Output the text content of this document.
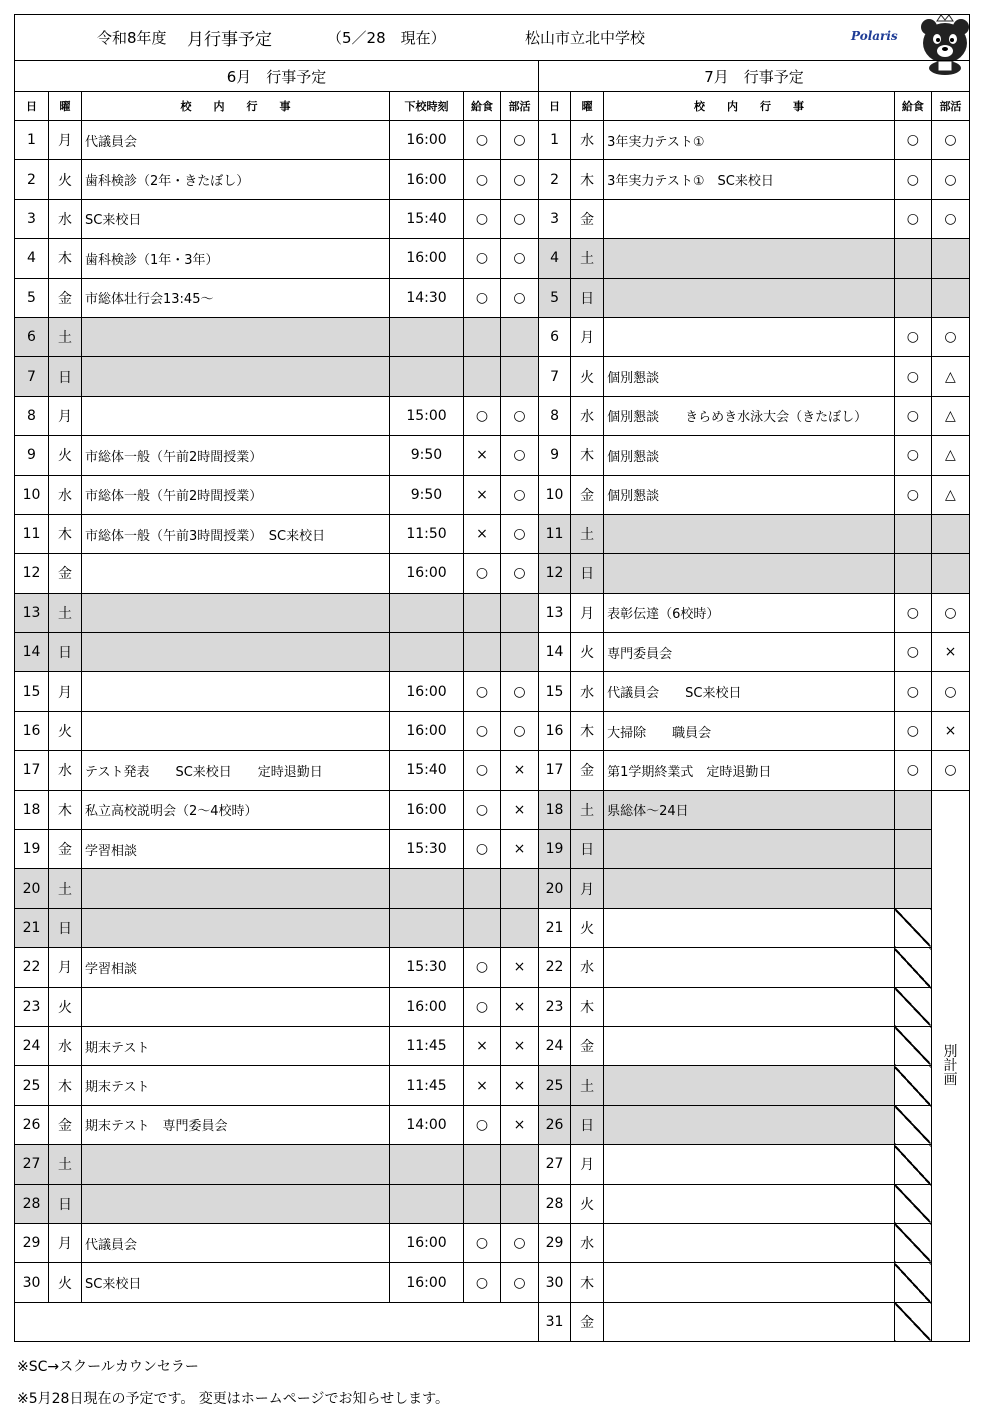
令和8年度 月行事予定	（5／28　現在）	松山市立北中学校	Polaris
6月　行事予定					
日	曜	校　　内　　行　　事	下校時刻	給食	部活
1	月	代議員会	16:00	○	○
2	火	歯科検診（2年・きたぼし）	16:00	○	○
3	水	SC来校日	15:40	○	○
4	木	歯科検診（1年・3年）	16:00	○	○
5	金	市総体壮行会13:45～	14:30	○	○
6	土				
7	日				
8	月		15:00	○	○
9	火	市総体一般（午前2時間授業）	9:50	×	○
10	水	市総体一般（午前2時間授業）	9:50	×	○
11	木	市総体一般（午前3時間授業）　SC来校日	11:50	×	○
12	金		16:00	○	○
13	土				
14	日				
15	月		16:00	○	○
16	火		16:00	○	○
17	水	テスト発表　　SC来校日　　定時退勤日	15:40	○	×
18	木	私立高校説明会（2～4校時）	16:00	○	×
19	金	学習相談	15:30	○	×
20	土				
21	日				
22	月	学習相談	15:30	○	×
23	火		16:00	○	×
24	水	期末テスト	11:45	×	×
25	木	期末テスト	11:45	×	×
26	金	期末テスト　専門委員会	14:00	○	×
27	土				
28	日				
29	月	代議員会	16:00	○	○
30	火	SC来校日	16:00	○	○

7月　行事予定				
日	曜	校　　内　　行　　事	給食	部活
1	水	3年実力テスト①	○	○
2	木	3年実力テスト①　SC来校日	○	○
3	金		○	○
4	土			
5	日			
6	月		○	○
7	火	個別懇談	○	△
8	水	個別懇談　　きらめき水泳大会（きたぼし）	○	△
9	木	個別懇談	○	△
10	金	個別懇談	○	△
11	土			
12	日			
13	月	表彰伝達（6校時）	○	○
14	火	専門委員会	○	×
15	水	代議員会　　SC来校日	○	○
16	木	大掃除　　職員会	○	×
17	金	第1学期終業式　定時退勤日	○	○
18	土	県総体～24日		別計画
19	日			
20	月			
21	火			
22	水			
23	木			
24	金			
25	土			
26	日			
27	月			
28	火			
29	水			
30	木			
31	金			
※SC→スクールカウンセラー
※5月28日現在の予定です。 変更はホームページでお知らせします。
